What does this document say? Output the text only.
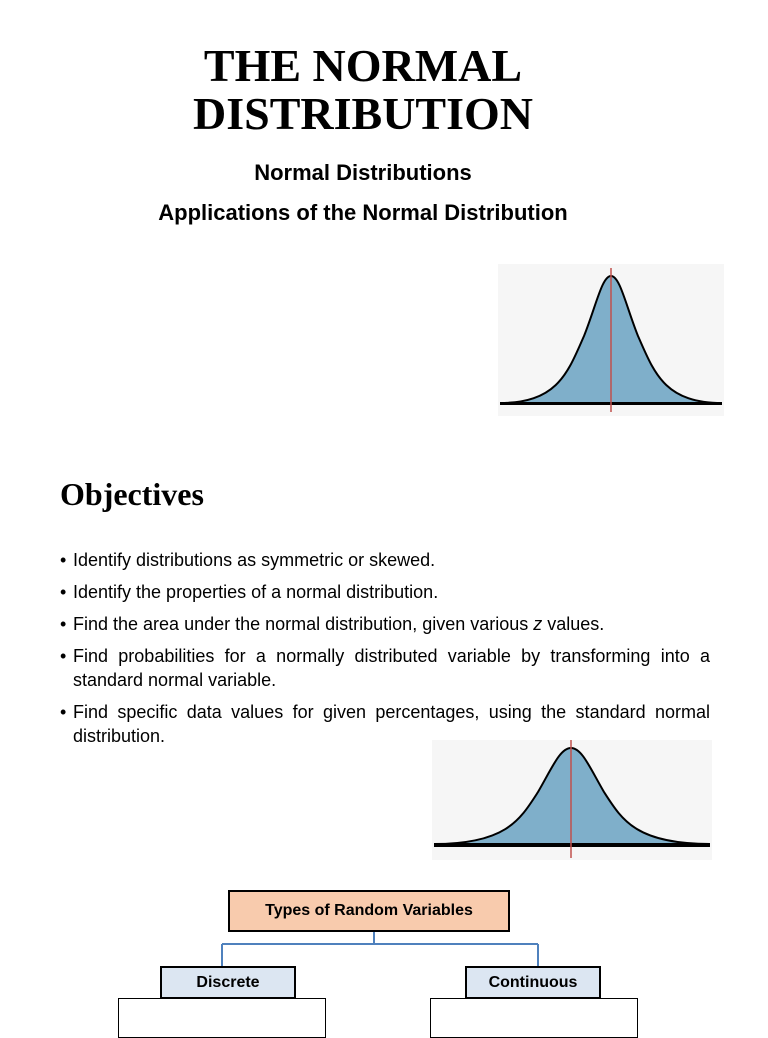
THE NORMAL
DISTRIBUTION

Normal Distributions

Applications of the Normal Distribution

Objectives
• Identify distributions as symmetric or skewed.
• Identify the properties of a normal distribution.
• Find the area under the normal distribution, given various z values.
• Find probabilities for a normally distributed variable by transforming into a standard normal variable.
• Find specific data values for given percentages, using the standard normal distribution.
Types of Random Variables
Discrete	Continuous
